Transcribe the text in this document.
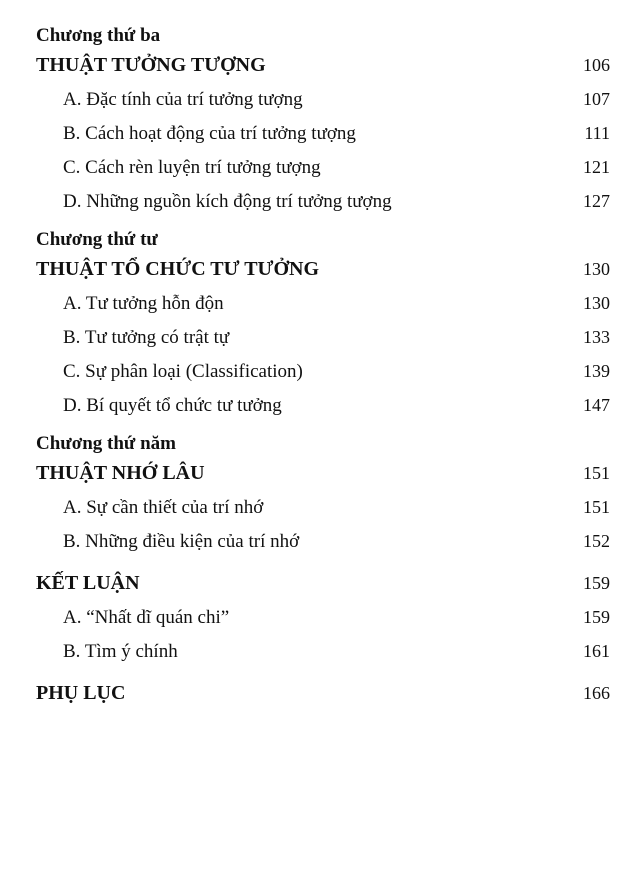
Chương thứ ba
THUẬT TƯỞNG TƯỢNG	106
A. Đặc tính của trí tưởng tượng	107
B. Cách hoạt động của trí tưởng tượng	111
C. Cách rèn luyện trí tưởng tượng	121
D. Những nguồn kích động trí tưởng tượng	127
Chương thứ tư
THUẬT TỔ CHỨC TƯ TƯỞNG	130
A. Tư tưởng hỗn độn	130
B. Tư tưởng có trật tự	133
C. Sự phân loại (Classification)	139
D. Bí quyết tổ chức tư tưởng	147
Chương thứ năm
THUẬT NHỚ LÂU	151
A. Sự cần thiết của trí nhớ	151
B. Những điều kiện của trí nhớ	152
KẾT LUẬN	159
A. “Nhất dĩ quán chi”	159
B. Tìm ý chính	161
PHỤ LỤC	166
